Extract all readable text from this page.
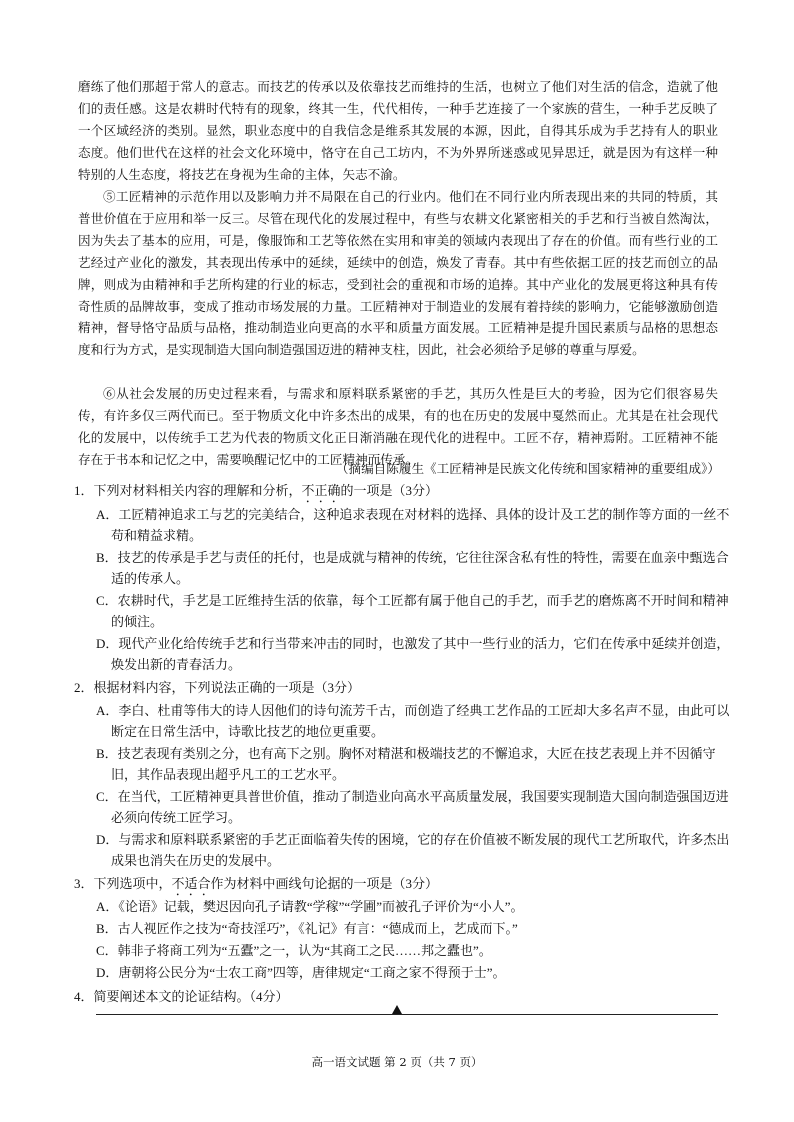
磨练了他们那超于常人的意志。而技艺的传承以及依靠技艺而维持的生活，也树立了他们对生活的信念，造就了他们的责任感。这是农耕时代特有的现象，终其一生，代代相传，一种手艺连接了一个家族的营生，一种手艺反映了一个区域经济的类别。显然，职业态度中的自我信念是维系其发展的本源，因此，自得其乐成为手艺持有人的职业态度。他们世代在这样的社会文化环境中，恪守在自己工坊内，不为外界所迷惑或见异思迁，就是因为有这样一种特别的人生态度，将技艺在身视为生命的主体，矢志不渝。

⑤工匠精神的示范作用以及影响力并不局限在自己的行业内。他们在不同行业内所表现出来的共同的特质，其普世价值在于应用和举一反三。尽管在现代化的发展过程中，有些与农耕文化紧密相关的手艺和行当被自然淘汰，因为失去了基本的应用，可是，像服饰和工艺等依然在实用和审美的领域内表现出了存在的价值。而有些行业的工艺经过产业化的激发，其表现出传承中的延续，延续中的创造，焕发了青春。其中有些依据工匠的技艺而创立的品牌，则成为由精神和手艺所构建的行业的标志，受到社会的重视和市场的追捧。其中产业化的发展更将这种具有传奇性质的品牌故事，变成了推动市场发展的力量。工匠精神对于制造业的发展有着持续的影响力，它能够激励创造精神，督导恪守品质与品格，推动制造业向更高的水平和质量方面发展。工匠精神是提升国民素质与品格的思想态度和行为方式，是实现制造大国向制造强国迈进的精神支柱，因此，社会必须给予足够的尊重与厚爱。

⑥从社会发展的历史过程来看，与需求和原料联系紧密的手艺，其历久性是巨大的考验，因为它们很容易失传，有许多仅三两代而已。至于物质文化中许多杰出的成果，有的也在历史的发展中戛然而止。尤其是在社会现代化的发展中，以传统手工艺为代表的物质文化正日渐消融在现代化的进程中。工匠不存，精神焉附。工匠精神不能存在于书本和记忆之中，需要唤醒记忆中的工匠精神而传承。

（摘编自陈履生《工匠精神是民族文化传统和国家精神的重要组成》）

1．下列对材料相关内容的理解和分析，不正确的一项是（3分）

A．工匠精神追求工与艺的完美结合，这种追求表现在对材料的选择、具体的设计及工艺的制作等方面的一丝不苟和精益求精。

B．技艺的传承是手艺与责任的托付，也是成就与精神的传统，它往往深含私有性的特性，需要在血亲中甄选合适的传承人。

C．农耕时代，手艺是工匠维持生活的依靠，每个工匠都有属于他自己的手艺，而手艺的磨炼离不开时间和精神的倾注。

D．现代产业化给传统手艺和行当带来冲击的同时，也激发了其中一些行业的活力，它们在传承中延续并创造，焕发出新的青春活力。

2．根据材料内容，下列说法正确的一项是（3分）

A．李白、杜甫等伟大的诗人因他们的诗句流芳千古，而创造了经典工艺作品的工匠却大多名声不显，由此可以断定在日常生活中，诗歌比技艺的地位更重要。

B．技艺表现有类别之分，也有高下之别。胸怀对精湛和极端技艺的不懈追求，大匠在技艺表现上并不因循守旧，其作品表现出超乎凡工的工艺水平。

C．在当代，工匠精神更具普世价值，推动了制造业向高水平高质量发展，我国要实现制造大国向制造强国迈进必须向传统工匠学习。

D．与需求和原料联系紧密的手艺正面临着失传的困境，它的存在价值被不断发展的现代工艺所取代，许多杰出成果也消失在历史的发展中。

3．下列选项中，不适合作为材料中画线句论据的一项是（3分）

A．《论语》记载，樊迟因向孔子请教“学稼”“学圃”而被孔子评价为“小人”。

B．古人视匠作之技为“奇技淫巧”，《礼记》有言：“德成而上，艺成而下。”

C．韩非子将商工列为“五蠹”之一，认为“其商工之民……邦之蠹也”。

D．唐朝将公民分为“士农工商”四等，唐律规定“工商之家不得预于士”。

4．简要阐述本文的论证结构。（4分）

高一语文试题 第 2 页（共 7 页）
